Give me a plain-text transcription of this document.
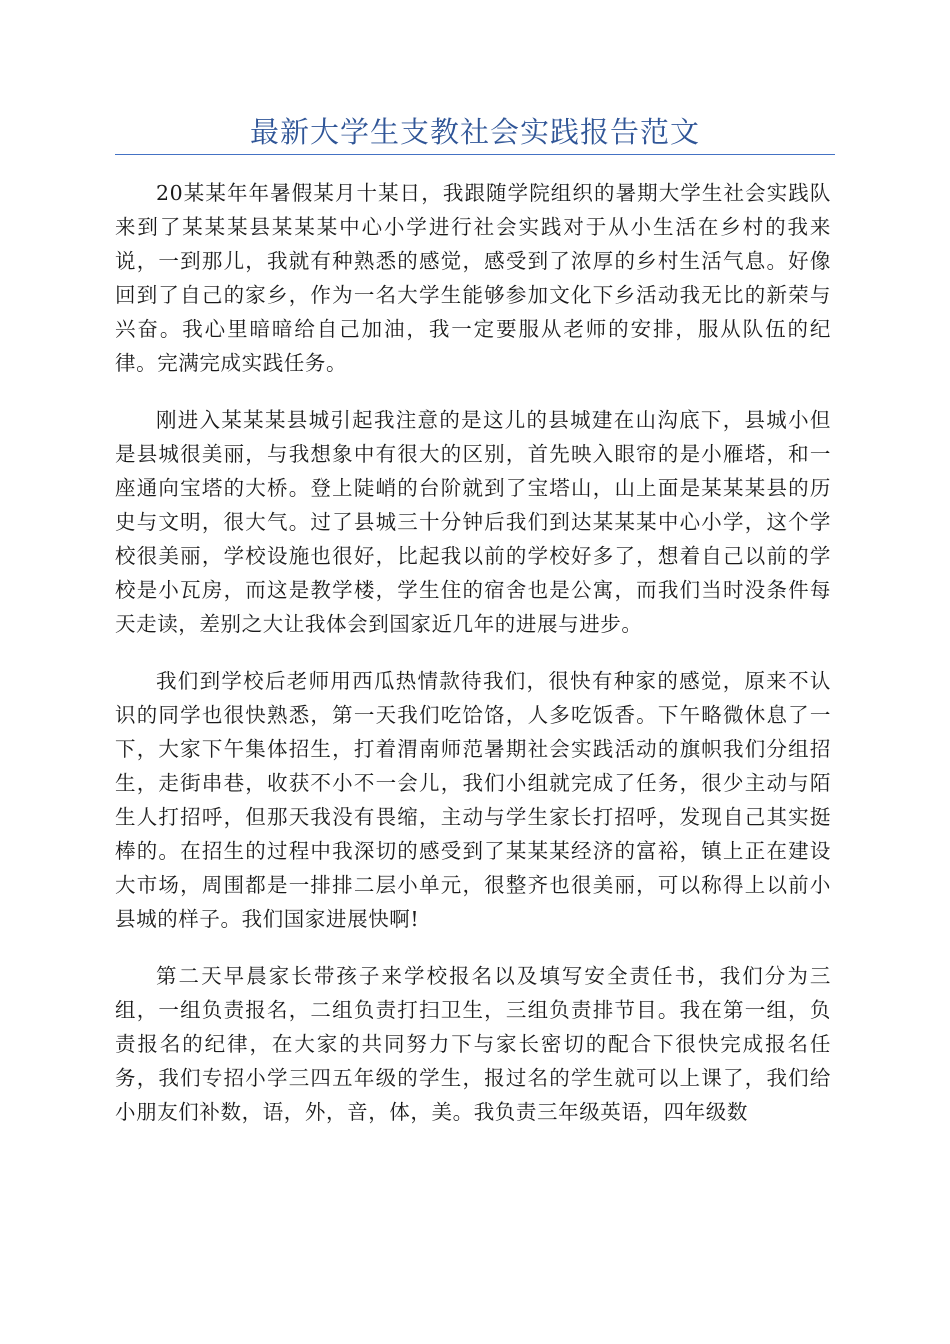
最新大学生支教社会实践报告范文

20某某年年暑假某月十某日，我跟随学院组织的暑期大学生社会实践队来到了某某某县某某某中心小学进行社会实践对于从小生活在乡村的我来说，一到那儿，我就有种熟悉的感觉，感受到了浓厚的乡村生活气息。好像回到了自己的家乡，作为一名大学生能够参加文化下乡活动我无比的新荣与兴奋。我心里暗暗给自己加油，我一定要服从老师的安排，服从队伍的纪律。完满完成实践任务。

刚进入某某某县城引起我注意的是这儿的县城建在山沟底下，县城小但是县城很美丽，与我想象中有很大的区别，首先映入眼帘的是小雁塔，和一座通向宝塔的大桥。登上陡峭的台阶就到了宝塔山，山上面是某某某县的历史与文明，很大气。过了县城三十分钟后我们到达某某某中心小学，这个学校很美丽，学校设施也很好，比起我以前的学校好多了，想着自己以前的学校是小瓦房，而这是教学楼，学生住的宿舍也是公寓，而我们当时没条件每天走读，差别之大让我体会到国家近几年的进展与进步。

我们到学校后老师用西瓜热情款待我们，很快有种家的感觉，原来不认识的同学也很快熟悉，第一天我们吃饸饹，人多吃饭香。下午略微休息了一下，大家下午集体招生，打着渭南师范暑期社会实践活动的旗帜我们分组招生，走街串巷，收获不小不一会儿，我们小组就完成了任务，很少主动与陌生人打招呼，但那天我没有畏缩，主动与学生家长打招呼，发现自己其实挺棒的。在招生的过程中我深切的感受到了某某某经济的富裕，镇上正在建设大市场，周围都是一排排二层小单元，很整齐也很美丽，可以称得上以前小县城的样子。我们国家进展快啊!

第二天早晨家长带孩子来学校报名以及填写安全责任书，我们分为三组，一组负责报名，二组负责打扫卫生，三组负责排节目。我在第一组，负责报名的纪律，在大家的共同努力下与家长密切的配合下很快完成报名任务，我们专招小学三四五年级的学生，报过名的学生就可以上课了，我们给小朋友们补数，语，外，音，体，美。我负责三年级英语，四年级数
